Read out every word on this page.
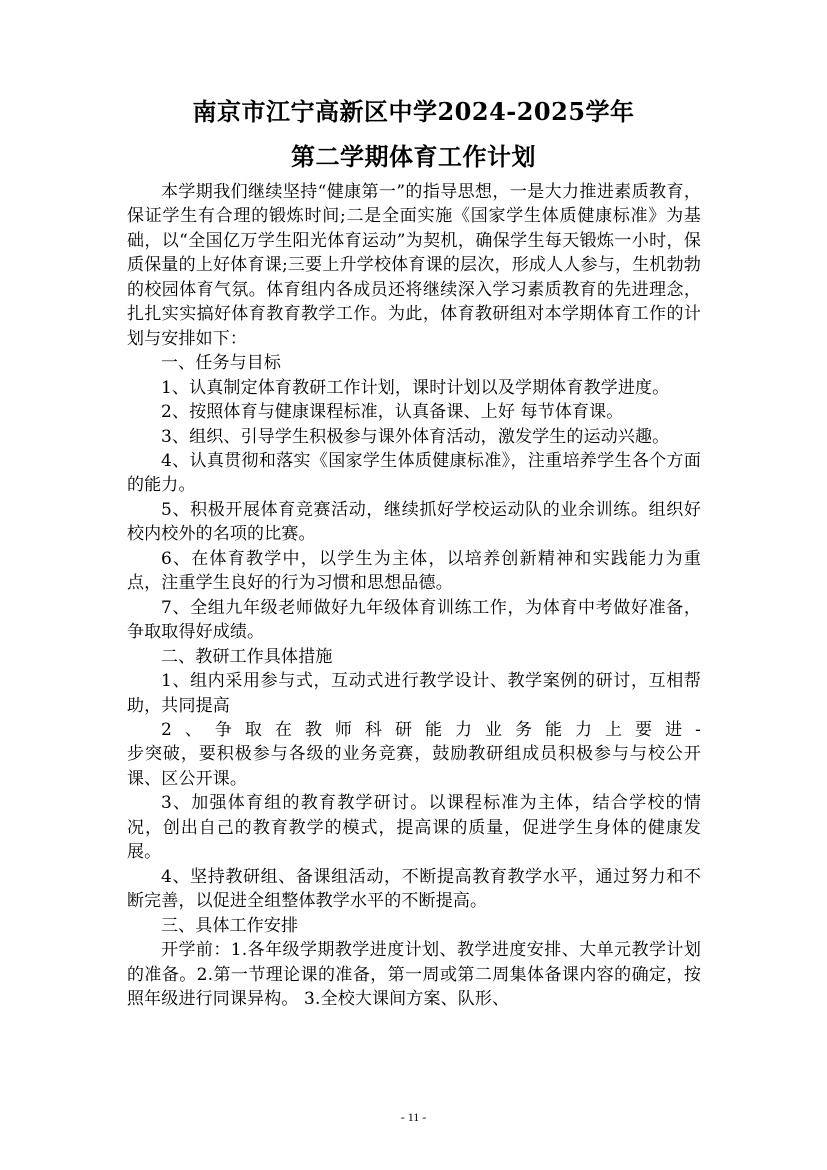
南京市江宁高新区中学2024-2025学年
第二学期体育工作计划

本学期我们继续坚持“健康第一”的指导思想，一是大力推进素质教育，保证学生有合理的锻炼时间;二是全面实施《国家学生体质健康标准》为基础，以“全国亿万学生阳光体育运动”为契机，确保学生每天锻炼一小时，保质保量的上好体育课;三要上升学校体育课的层次，形成人人参与，生机勃勃的校园体育气氛。体育组内各成员还将继续深入学习素质教育的先进理念，扎扎实实搞好体育教育教学工作。为此，体育教研组对本学期体育工作的计划与安排如下：

一、任务与目标

1、认真制定体育教研工作计划，课时计划以及学期体育教学进度。

2、按照体育与健康课程标准，认真备课、上好 每节体育课。

3、组织、引导学生积极参与课外体育活动，激发学生的运动兴趣。

4、认真贯彻和落实《国家学生体质健康标准》，注重培养学生各个方面的能力。

5、积极开展体育竞赛活动，继续抓好学校运动队的业余训练。组织好校内校外的名项的比赛。

6、在体育教学中，以学生为主体，以培养创新精神和实践能力为重点，注重学生良好的行为习惯和思想品德。

7、全组九年级老师做好九年级体育训练工作，为体育中考做好准备，争取取得好成绩。

二、教研工作具体措施

1、组内采用参与式，互动式进行教学设计、教学案例的研讨，互相帮助，共同提高

2、争取在教师科研能力业务能力上要进-

步突破，要积极参与各级的业务竞赛，鼓励教研组成员积极参与与校公开课、区公开课。

3、加强体育组的教育教学研讨。以课程标准为主体，结合学校的情况，创出自己的教育教学的模式，提高课的质量，促进学生身体的健康发展。

4、坚持教研组、备课组活动，不断提高教育教学水平，通过努力和不断完善，以促进全组整体教学水平的不断提高。

三、具体工作安排

开学前：1.各年级学期教学进度计划、教学进度安排、大单元教学计划的准备。2.第一节理论课的准备，第一周或第二周集体备课内容的确定，按照年级进行同课异构。 3.全校大课间方案、队形、

- 11 -
